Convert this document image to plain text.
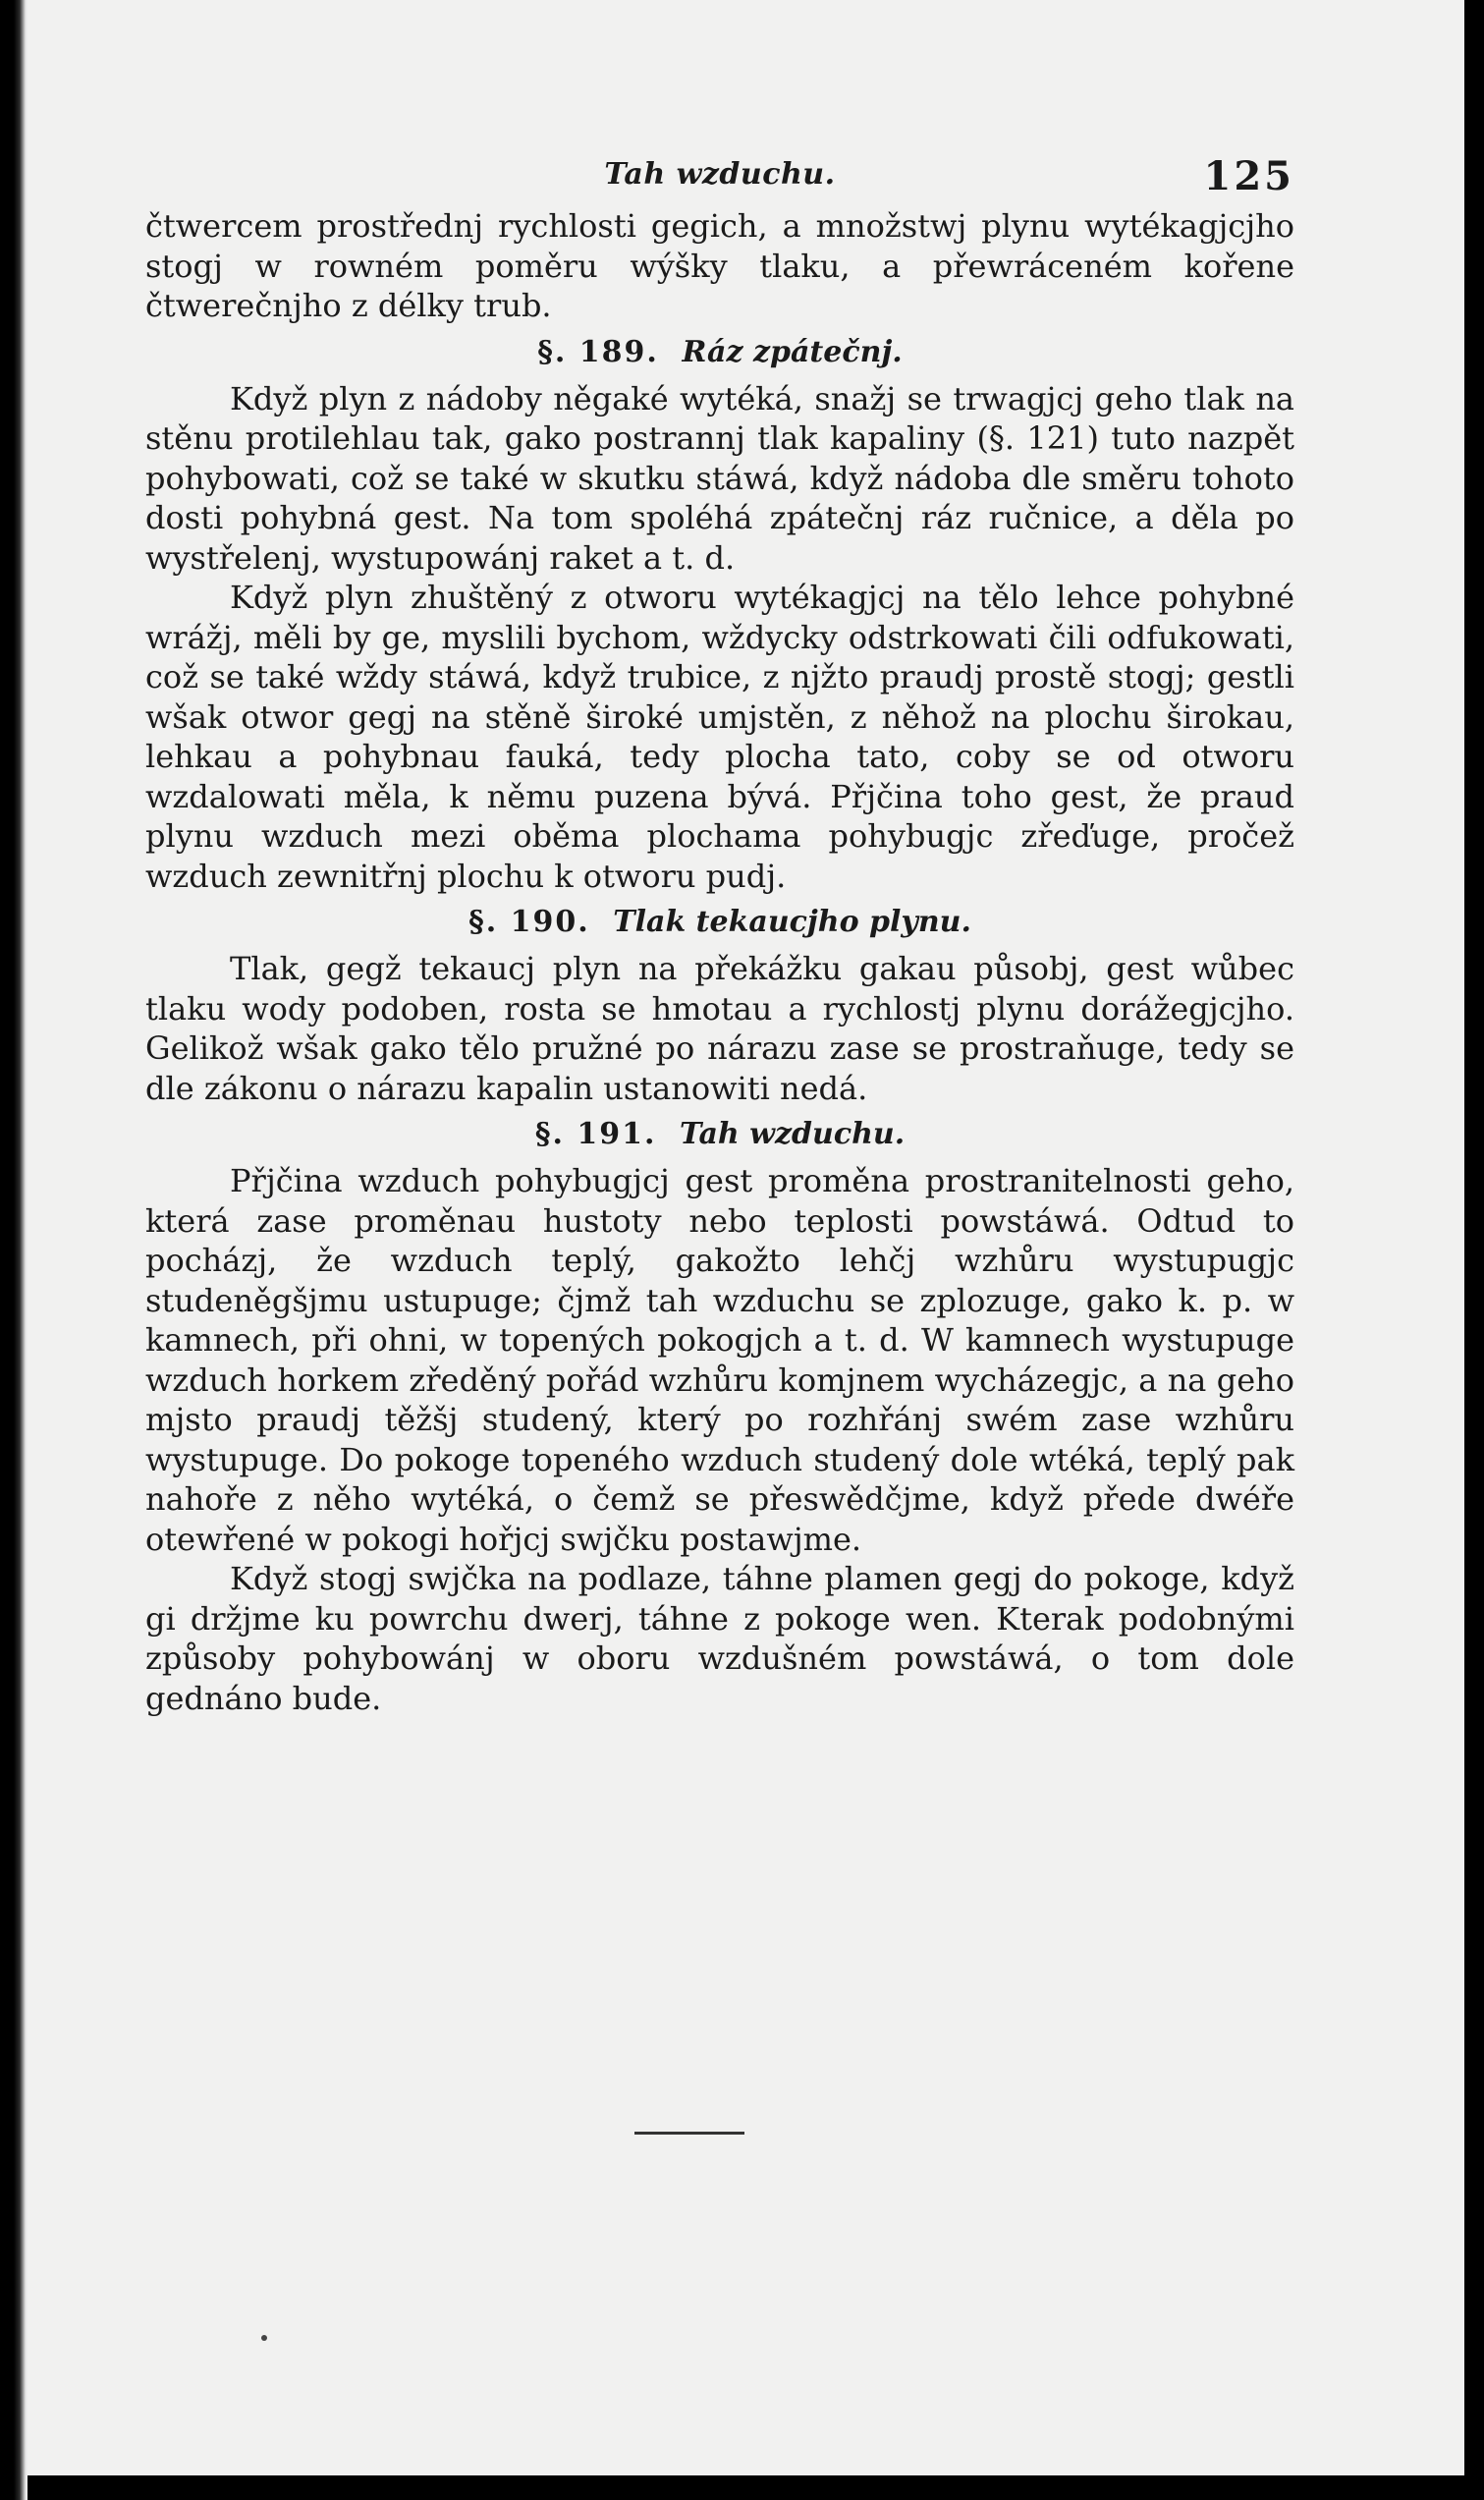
Tah wzduchu.	125

čtwercem prostřednj rychlosti gegich, a množstwj plynu wytékagjcjho stogj w rowném poměru wýšky tlaku, a přewráceném kořene čtwerečnjho z délky trub.

§. 189. Ráz zpátečnj.

Když plyn z nádoby něgaké wytéká, snažj se trwagjcj geho tlak na stěnu protilehlau tak, gako postrannj tlak kapaliny (§. 121) tuto nazpět pohybowati, což se také w skutku stáwá, když nádoba dle směru tohoto dosti pohybná gest. Na tom spoléhá zpátečnj ráz ručnice, a děla po wystřelenj, wystupowánj raket a t. d.

Když plyn zhuštěný z otworu wytékagjcj na tělo lehce pohybné wrážj, měli by ge, myslili bychom, wždycky odstrkowati čili odfukowati, což se také wždy stáwá, když trubice, z njžto praudj prostě stogj; gestli wšak otwor gegj na stěně široké umjstěn, z něhož na plochu širokau, lehkau a pohybnau fauká, tedy plocha tato, coby se od otworu wzdalowati měla, k němu puzena bývá. Přjčina toho gest, že praud plynu wzduch mezi oběma plochama pohybugjc zřeďuge, pročež wzduch zewnitřnj plochu k otworu pudj.

§. 190. Tlak tekaucjho plynu.

Tlak, gegž tekaucj plyn na překážku gakau působj, gest wůbec tlaku wody podoben, rosta se hmotau a rychlostj plynu dorážegjcjho. Gelikož wšak gako tělo pružné po nárazu zase se prostraňuge, tedy se dle zákonu o nárazu kapalin ustanowiti nedá.

§. 191. Tah wzduchu.

Přjčina wzduch pohybugjcj gest proměna prostranitelnosti geho, která zase proměnau hustoty nebo teplosti powstáwá. Odtud to pocházj, že wzduch teplý, gakožto lehčj wzhůru wystupugjc studeněgšjmu ustupuge; čjmž tah wzduchu se zplozuge, gako k. p. w kamnech, při ohni, w topených pokogjch a t. d. W kamnech wystupuge wzduch horkem zředěný pořád wzhůru komjnem wycházegjc, a na geho mjsto praudj těžšj studený, který po rozhřánj swém zase wzhůru wystupuge. Do pokoge topeného wzduch studený dole wtéká, teplý pak nahoře z něho wytéká, o čemž se přeswědčjme, když přede dwéře otewřené w pokogi hořjcj swjčku postawjme.

Když stogj swjčka na podlaze, táhne plamen gegj do pokoge, když gi držjme ku powrchu dwerj, táhne z pokoge wen. Kterak podobnými způsoby pohybowánj w oboru wzdušném powstáwá, o tom dole gednáno bude.
